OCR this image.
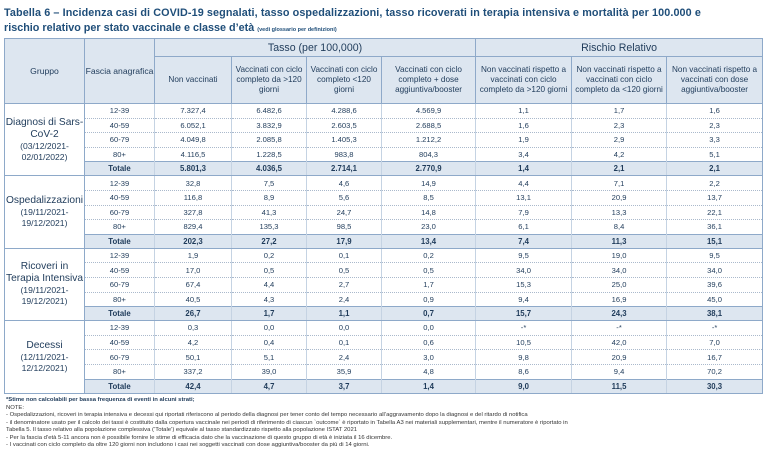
Tabella 6 – Incidenza casi di COVID-19 segnalati, tasso ospedalizzazioni, tasso ricoverati in terapia intensiva e mortalità per 100.000 e
rischio relativo per stato vaccinale e classe d’età (vedi glossario per definizioni)
Gruppo	Fascia anagrafica	Tasso (per 100,000)				Rischio Relativo		
		Non vaccinati	Vaccinati con ciclo completo da >120 giorni	Vaccinati con ciclo completo <120 giorni	Vaccinati con ciclo completo + dose aggiuntiva/booster	Non vaccinati rispetto a vaccinati con ciclo completo da >120 giorni	Non vaccinati rispetto a vaccinati con ciclo completo da <120 giorni	Non vaccinati rispetto a vaccinati con dose aggiuntiva/booster

Diagnosi di Sars-CoV-2
(03/12/2021-02/01/2022)	12-39	7.327,4	6.482,6	4.288,6	4.569,9	1,1	1,7	1,6
	40-59	6.052,1	3.832,9	2.603,5	2.688,5	1,6	2,3	2,3
	60-79	4.049,8	2.085,8	1.405,3	1.212,2	1,9	2,9	3,3
	80+	4.116,5	1.228,5	983,8	804,3	3,4	4,2	5,1
	Totale	5.801,3	4.036,5	2.714,1	2.770,9	1,4	2,1	2,1

Ospedalizzazioni
(19/11/2021-19/12/2021)	12-39	32,8	7,5	4,6	14,9	4,4	7,1	2,2
	40-59	116,8	8,9	5,6	8,5	13,1	20,9	13,7
	60-79	327,8	41,3	24,7	14,8	7,9	13,3	22,1
	80+	829,4	135,3	98,5	23,0	6,1	8,4	36,1
	Totale	202,3	27,2	17,9	13,4	7,4	11,3	15,1

Ricoveri in Terapia Intensiva
(19/11/2021-19/12/2021)	12-39	1,9	0,2	0,1	0,2	9,5	19,0	9,5
	40-59	17,0	0,5	0,5	0,5	34,0	34,0	34,0
	60-79	67,4	4,4	2,7	1,7	15,3	25,0	39,6
	80+	40,5	4,3	2,4	0,9	9,4	16,9	45,0
	Totale	26,7	1,7	1,1	0,7	15,7	24,3	38,1

Decessi
(12/11/2021-12/12/2021)	12-39	0,3	0,0	0,0	0,0	-*	-*	-*
	40-59	4,2	0,4	0,1	0,6	10,5	42,0	7,0
	60-79	50,1	5,1	2,4	3,0	9,8	20,9	16,7
	80+	337,2	39,0	35,9	4,8	8,6	9,4	70,2
	Totale	42,4	4,7	3,7	1,4	9,0	11,5	30,3
*Stime non calcolabili per bassa frequenza di eventi in alcuni strati;
NOTE:
- Ospedalizzazioni, ricoveri in terapia intensiva e decessi qui riportati riferiscono al periodo della diagnosi per tener conto del tempo necessario all’aggravamento dopo la diagnosi e del ritardo di notifica
- il denominatore usato per il calcolo dei tassi è costituito dalla copertura vaccinale nei periodi di riferimento di ciascun `outcome` è riportato in Tabella A3 nei materiali supplementari, mentre il numeratore è riportato in
Tabella 5. Il tasso relativo alla popolazione complessiva (‘Totale’) equivale al tasso standardizzato rispetto alla popolazione ISTAT 2021
- Per la fascia d’età 5-11 ancora non è possibile fornire le stime di efficacia dato che la vaccinazione di questo gruppo di età è iniziata il 16 dicembre.
- I vaccinati con ciclo completo da oltre 120 giorni non includono i casi nei soggetti vaccinati con dose aggiuntiva/booster da più di 14 giorni.
